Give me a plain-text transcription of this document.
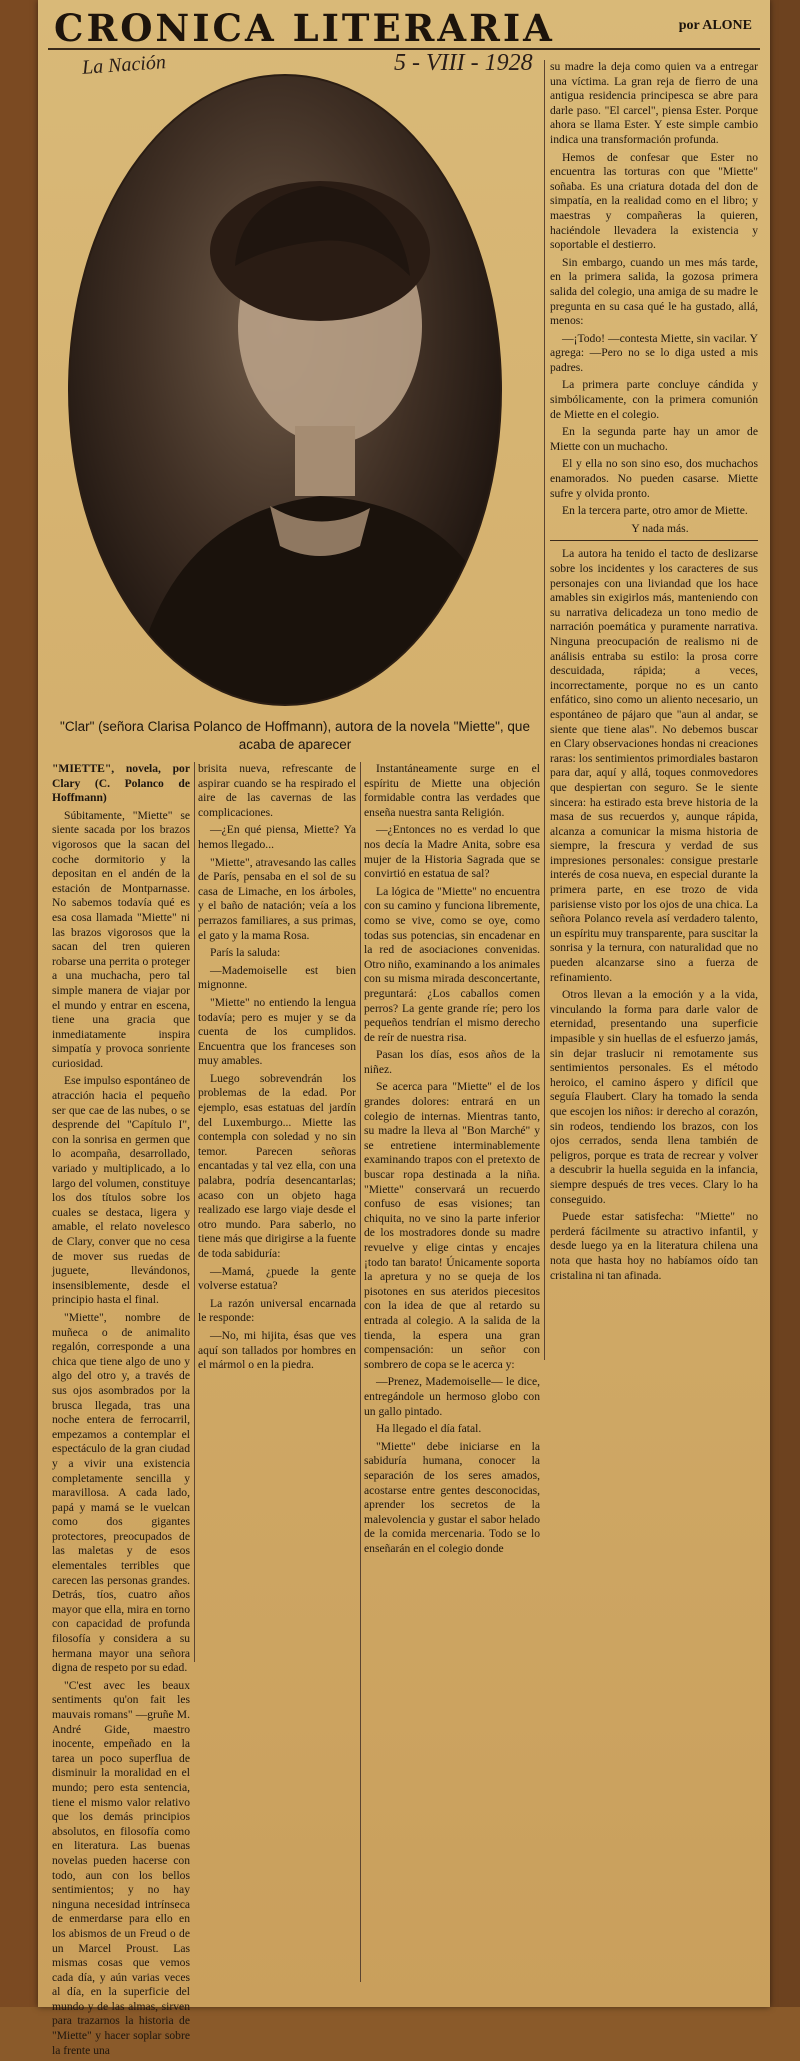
CRONICA LITERARIA	por ALONE
La Nación	5 - VIII - 1928
"Clar" (señora Clarisa Polanco de Hoffmann), autora de la novela "Miette", que acaba de aparecer

"MIETTE", novela, por Clary (C. Polanco de Hoffmann)

Súbitamente, "Miette" se siente sacada por los brazos vigorosos que la sacan del coche dormitorio y la depositan en el andén de la estación de Montparnasse. No sabemos todavía qué es esa cosa llamada "Miette" ni las brazos vigorosos que la sacan del tren quieren robarse una perrita o proteger a una muchacha, pero tal simple manera de viajar por el mundo y entrar en escena, tiene una gracia que inmediatamente inspira simpatía y provoca sonriente curiosidad.

Ese impulso espontáneo de atracción hacia el pequeño ser que cae de las nubes, o se desprende del "Capítulo I", con la sonrisa en germen que lo acompaña, desarrollado, variado y multiplicado, a lo largo del volumen, constituye los dos títulos sobre los cuales se destaca, ligera y amable, el relato novelesco de Clary, conver que no cesa de mover sus ruedas de juguete, llevándonos, insensiblemente, desde el principio hasta el final.

"Miette", nombre de muñeca o de animalito regalón, corresponde a una chica que tiene algo de uno y algo del otro y, a través de sus ojos asombrados por la brusca llegada, tras una noche entera de ferrocarril, empezamos a contemplar el espectáculo de la gran ciudad y a vivir una existencia completamente sencilla y maravillosa. A cada lado, papá y mamá se le vuelcan como dos gigantes protectores, preocupados de las maletas y de esos elementales terribles que carecen las personas grandes. Detrás, tíos, cuatro años mayor que ella, mira en torno con capacidad de profunda filosofía y considera a su hermana mayor una señora digna de respeto por su edad.

"C'est avec les beaux sentiments qu'on fait les mauvais romans" —gruñe M. André Gide, maestro inocente, empeñado en la tarea un poco superflua de disminuir la moralidad en el mundo; pero esta sentencia, tiene el mismo valor relativo que los demás principios absolutos, en filosofía como en literatura. Las buenas novelas pueden hacerse con todo, aun con los bellos sentimientos; y no hay ninguna necesidad intrínseca de enmerdarse para ello en los abismos de un Freud o de un Marcel Proust. Las mismas cosas que vemos cada día, y aún varias veces al día, en la superficie del mundo y de las almas, sirven para trazarnos la historia de "Miette" y hacer soplar sobre la frente una

brisita nueva, refrescante de aspirar cuando se ha respirado el aire de las cavernas de las complicaciones.

—¿En qué piensa, Miette? Ya hemos llegado...

"Miette", atravesando las calles de París, pensaba en el sol de su casa de Limache, en los árboles, y el baño de natación; veía a los perrazos familiares, a sus primas, el gato y la mama Rosa.

París la saluda:

—Mademoiselle est bien mignonne.

"Miette" no entiendo la lengua todavía; pero es mujer y se da cuenta de los cumplidos. Encuentra que los franceses son muy amables.

Luego sobrevendrán los problemas de la edad. Por ejemplo, esas estatuas del jardín del Luxemburgo... Miette las contempla con soledad y no sin temor. Parecen señoras encantadas y tal vez ella, con una palabra, podría desencantarlas; acaso con un objeto haga realizado ese largo viaje desde el otro mundo. Para saberlo, no tiene más que dirigirse a la fuente de toda sabiduría:

—Mamá, ¿puede la gente volverse estatua?

La razón universal encarnada le responde:

—No, mi hijita, ésas que ves aquí son tallados por hombres en el mármol o en la piedra.

Instantáneamente surge en el espíritu de Miette una objeción formidable contra las verdades que enseña nuestra santa Religión.

—¿Entonces no es verdad lo que nos decía la Madre Anita, sobre esa mujer de la Historia Sagrada que se convirtió en estatua de sal?

La lógica de "Miette" no encuentra con su camino y funciona libremente, como se vive, como se oye, como todas sus potencias, sin encadenar en la red de asociaciones convenidas. Otro niño, examinando a los animales con su misma mirada desconcertante, preguntará: ¿Los caballos comen perros? La gente grande ríe; pero los pequeños tendrían el mismo derecho de reír de nuestra risa.

Pasan los días, esos años de la niñez.

Se acerca para "Miette" el de los grandes dolores: entrará en un colegio de internas. Mientras tanto, su madre la lleva al "Bon Marché" y se entretiene interminablemente examinando trapos con el pretexto de buscar ropa destinada a la niña. "Miette" conservará un recuerdo confuso de esas visiones; tan chiquita, no ve sino la parte inferior de los mostradores donde su madre revuelve y elige cintas y encajes ¡todo tan barato! Únicamente soporta la apretura y no se queja de los pisotones en sus ateridos piecesitos con la idea de que al retardo su entrada al colegio. A la salida de la tienda, la espera una gran compensación: un señor con sombrero de copa se le acerca y:

—Prenez, Mademoiselle— le dice, entregándole un hermoso globo con un gallo pintado.

Ha llegado el día fatal.

"Miette" debe iniciarse en la sabiduría humana, conocer la separación de los seres amados, acostarse entre gentes desconocidas, aprender los secretos de la malevolencia y gustar el sabor helado de la comida mercenaria. Todo se lo enseñarán en el colegio donde

su madre la deja como quien va a entregar una víctima. La gran reja de fierro de una antigua residencia principesca se abre para darle paso. "El carcel", piensa Ester. Porque ahora se llama Ester. Y este simple cambio indica una transformación profunda.

Hemos de confesar que Ester no encuentra las torturas con que "Miette" soñaba. Es una criatura dotada del don de simpatía, en la realidad como en el libro; y maestras y compañeras la quieren, haciéndole llevadera la existencia y soportable el destierro.

Sin embargo, cuando un mes más tarde, en la primera salida, la gozosa primera salida del colegio, una amiga de su madre le pregunta en su casa qué le ha gustado, allá, menos:

—¡Todo! —contesta Miette, sin vacilar. Y agrega: —Pero no se lo diga usted a mis padres.

La primera parte concluye cándida y simbólicamente, con la primera comunión de Miette en el colegio.

En la segunda parte hay un amor de Miette con un muchacho.

El y ella no son sino eso, dos muchachos enamorados. No pueden casarse. Miette sufre y olvida pronto.

En la tercera parte, otro amor de Miette.

Y nada más.

La autora ha tenido el tacto de deslizarse sobre los incidentes y los caracteres de sus personajes con una liviandad que los hace amables sin exigirlos más, manteniendo con su narrativa delicadeza un tono medio de narración poemática y puramente narrativa. Ninguna preocupación de realismo ni de análisis entraba su estilo: la prosa corre descuidada, rápida; a veces, incorrectamente, porque no es un canto enfático, sino como un aliento necesario, un espontáneo de pájaro que "aun al andar, se siente que tiene alas". No debemos buscar en Clary observaciones hondas ni creaciones raras: los sentimientos primordiales bastaron para dar, aquí y allá, toques conmovedores que despiertan con seguro. Se le siente sincera: ha estirado esta breve historia de la masa de sus recuerdos y, aunque rápida, alcanza a comunicar la misma historia de siempre, la frescura y verdad de sus impresiones personales: consigue prestarle interés de cosa nueva, en especial durante la primera parte, en ese trozo de vida parisiense visto por los ojos de una chica. La señora Polanco revela así verdadero talento, un espíritu muy transparente, para suscitar la sonrisa y la ternura, con naturalidad que no pueden alcanzarse sino a fuerza de refinamiento.

Otros llevan a la emoción y a la vida, vinculando la forma para darle valor de eternidad, presentando una superficie impasible y sin huellas de el esfuerzo jamás, sin dejar traslucir ni remotamente sus sentimientos personales. Es el método heroico, el camino áspero y difícil que seguía Flaubert. Clary ha tomado la senda que escojen los niños: ir derecho al corazón, sin rodeos, tendiendo los brazos, con los ojos cerrados, senda llena también de peligros, porque es trata de recrear y volver a descubrir la huella seguida en la infancia, siempre después de tres veces. Clary lo ha conseguido.

Puede estar satisfecha: "Miette" no perderá fácilmente su atractivo infantil, y desde luego ya en la literatura chilena una nota que hasta hoy no habíamos oído tan cristalina ni tan afinada.
